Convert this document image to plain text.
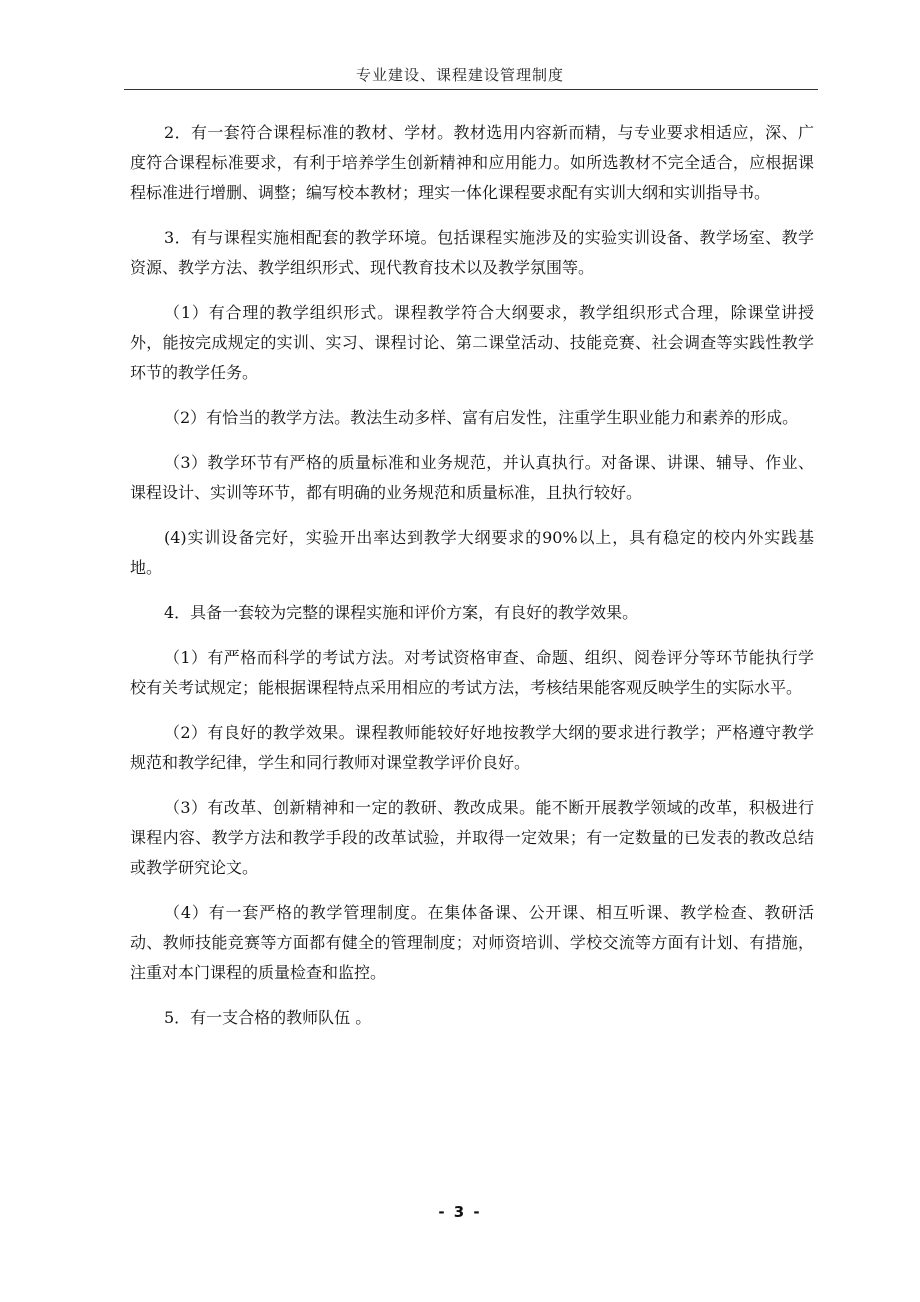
专业建设、课程建设管理制度

2．有一套符合课程标准的教材、学材。教材选用内容新而精，与专业要求相适应，深、广度符合课程标准要求，有利于培养学生创新精神和应用能力。如所选教材不完全适合，应根据课程标准进行增删、调整；编写校本教材；理实一体化课程要求配有实训大纲和实训指导书。

3．有与课程实施相配套的教学环境。包括课程实施涉及的实验实训设备、教学场室、教学资源、教学方法、教学组织形式、现代教育技术以及教学氛围等。

（1）有合理的教学组织形式。课程教学符合大纲要求，教学组织形式合理，除课堂讲授外，能按完成规定的实训、实习、课程讨论、第二课堂活动、技能竞赛、社会调查等实践性教学环节的教学任务。

（2）有恰当的教学方法。教法生动多样、富有启发性，注重学生职业能力和素养的形成。

（3）教学环节有严格的质量标准和业务规范，并认真执行。对备课、讲课、辅导、作业、课程设计、实训等环节，都有明确的业务规范和质量标准，且执行较好。

(4)实训设备完好，实验开出率达到教学大纲要求的90%以上，具有稳定的校内外实践基地。

4．具备一套较为完整的课程实施和评价方案，有良好的教学效果。

（1）有严格而科学的考试方法。对考试资格审查、命题、组织、阅卷评分等环节能执行学校有关考试规定；能根据课程特点采用相应的考试方法，考核结果能客观反映学生的实际水平。

（2）有良好的教学效果。课程教师能较好好地按教学大纲的要求进行教学；严格遵守教学规范和教学纪律，学生和同行教师对课堂教学评价良好。

（3）有改革、创新精神和一定的教研、教改成果。能不断开展教学领域的改革，积极进行课程内容、教学方法和教学手段的改革试验，并取得一定效果；有一定数量的已发表的教改总结或教学研究论文。

（4）有一套严格的教学管理制度。在集体备课、公开课、相互听课、教学检查、教研活动、教师技能竞赛等方面都有健全的管理制度；对师资培训、学校交流等方面有计划、有措施，注重对本门课程的质量检查和监控。

5．有一支合格的教师队伍 。

- 3 -
